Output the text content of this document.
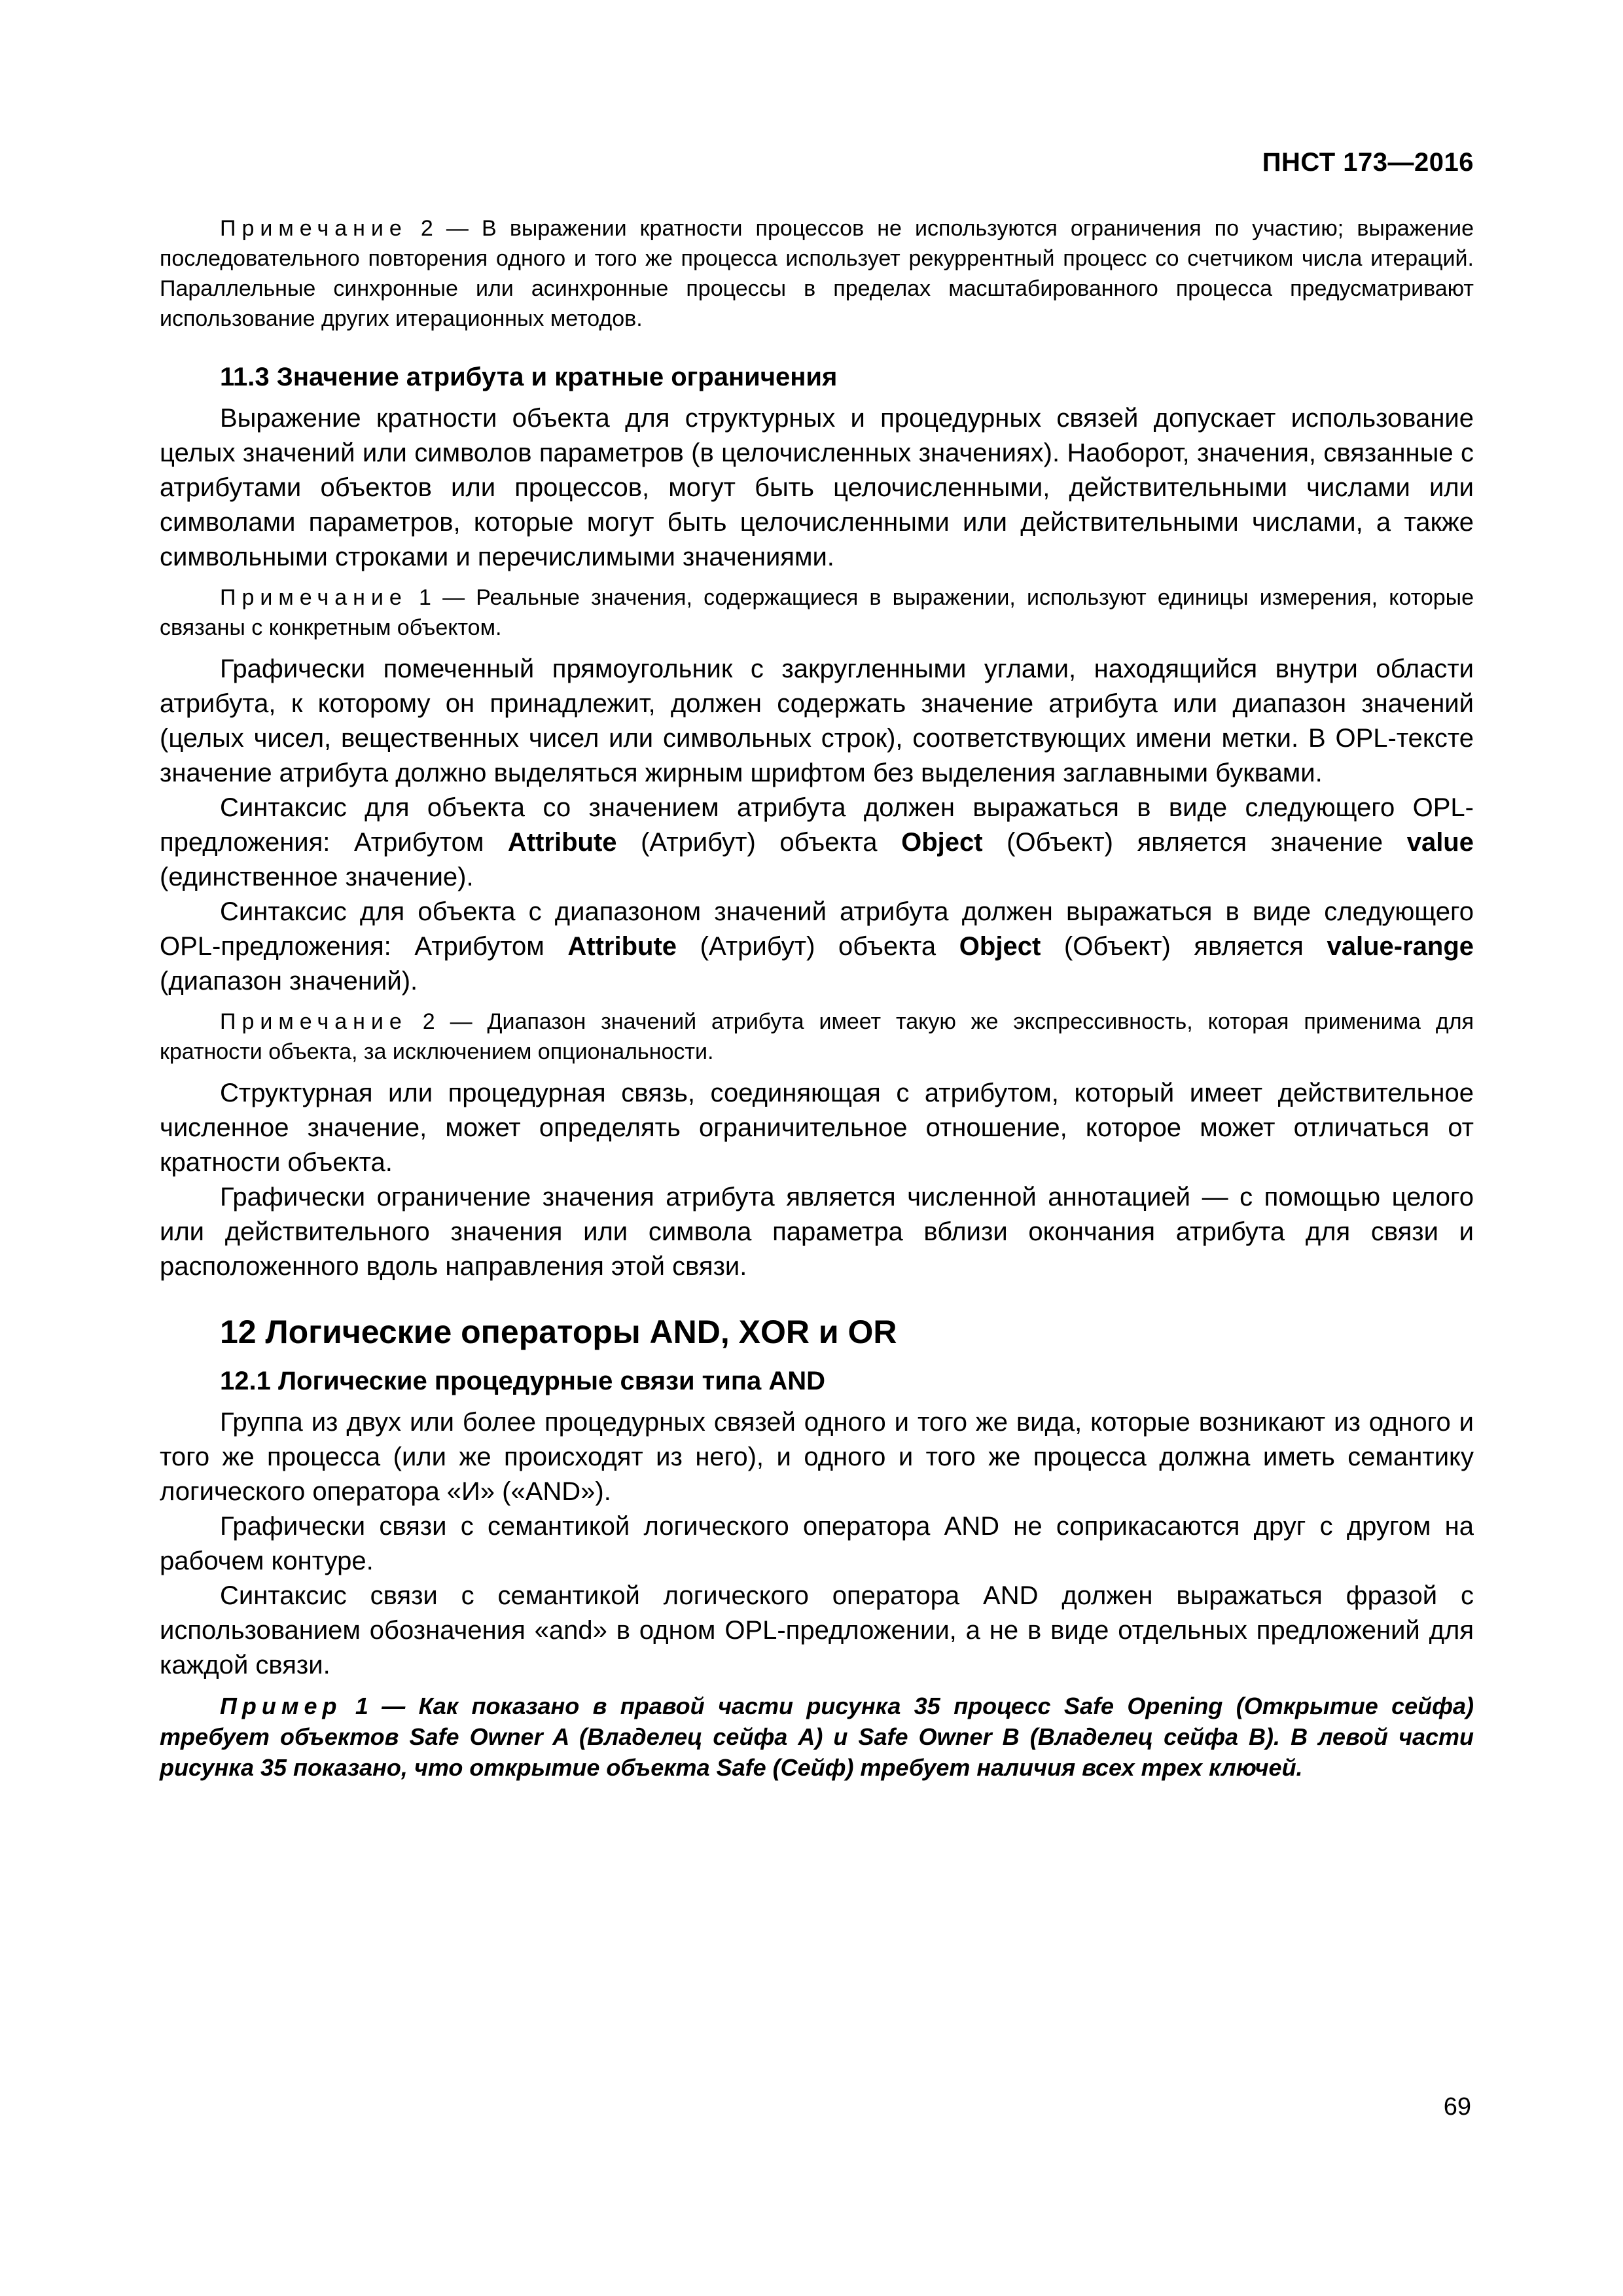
ПНСТ 173—2016

Примечание 2 — В выражении кратности процессов не используются ограничения по участию; выражение последовательного повторения одного и того же процесса использует рекуррентный процесс со счетчиком числа итераций. Параллельные синхронные или асинхронные процессы в пределах масштабированного процесса предусматривают использование других итерационных методов.

11.3 Значение атрибута и кратные ограничения

Выражение кратности объекта для структурных и процедурных связей допускает использование целых значений или символов параметров (в целочисленных значениях). Наоборот, значения, связанные с атрибутами объектов или процессов, могут быть целочисленными, действительными числами или символами параметров, которые могут быть целочисленными или действительными числами, а также символьными строками и перечислимыми значениями.

Примечание 1 — Реальные значения, содержащиеся в выражении, используют единицы измерения, которые связаны с конкретным объектом.

Графически помеченный прямоугольник с закругленными углами, находящийся внутри области атрибута, к которому он принадлежит, должен содержать значение атрибута или диапазон значений (целых чисел, вещественных чисел или символьных строк), соответствующих имени метки. В OPL-тексте значение атрибута должно выделяться жирным шрифтом без выделения заглавными буквами.

Синтаксис для объекта со значением атрибута должен выражаться в виде следующего OPL-предложения: Атрибутом Attribute (Атрибут) объекта Object (Объект) является значение value (единственное значение).

Синтаксис для объекта с диапазоном значений атрибута должен выражаться в виде следующего OPL-предложения: Атрибутом Attribute (Атрибут) объекта Object (Объект) является value-range (диапазон значений).

Примечание 2 — Диапазон значений атрибута имеет такую же экспрессивность, которая применима для кратности объекта, за исключением опциональности.

Структурная или процедурная связь, соединяющая с атрибутом, который имеет действительное численное значение, может определять ограничительное отношение, которое может отличаться от кратности объекта.

Графически ограничение значения атрибута является численной аннотацией — с помощью целого или действительного значения или символа параметра вблизи окончания атрибута для связи и расположенного вдоль направления этой связи.

12 Логические операторы AND, XOR и OR

12.1 Логические процедурные связи типа AND

Группа из двух или более процедурных связей одного и того же вида, которые возникают из одного и того же процесса (или же происходят из него), и одного и того же процесса должна иметь семантику логического оператора «И» («AND»).

Графически связи с семантикой логического оператора AND не соприкасаются друг с другом на рабочем контуре.

Синтаксис связи с семантикой логического оператора AND должен выражаться фразой с использованием обозначения «and» в одном OPL-предложении, а не в виде отдельных предложений для каждой связи.

Пример 1 — Как показано в правой части рисунка 35 процесс Safe Opening (Открытие сейфа) требует объектов Safe Owner A (Владелец сейфа A) и Safe Owner B (Владелец сейфа B). В левой части рисунка 35 показано, что открытие объекта Safe (Сейф) требует наличия всех трех ключей.

69
